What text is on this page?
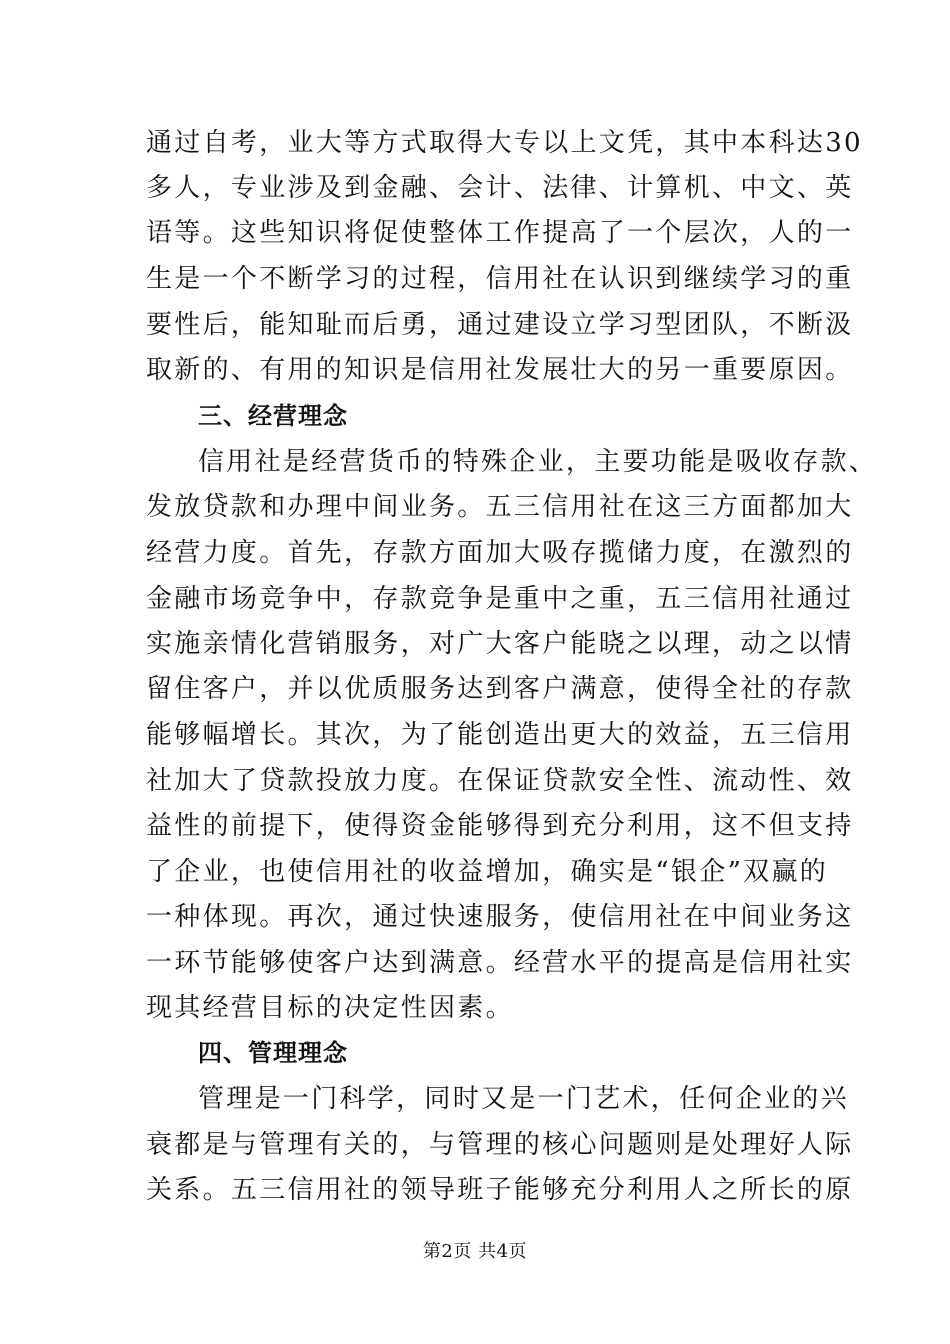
通过自考，业大等方式取得大专以上文凭，其中本科达30
多人，专业涉及到金融、会计、法律、计算机、中文、英
语等。这些知识将促使整体工作提高了一个层次，人的一
生是一个不断学习的过程，信用社在认识到继续学习的重
要性后，能知耻而后勇，通过建设立学习型团队，不断汲
取新的、有用的知识是信用社发展壮大的另一重要原因。
三、经营理念
信用社是经营货币的特殊企业，主要功能是吸收存款、
发放贷款和办理中间业务。五三信用社在这三方面都加大
经营力度。首先，存款方面加大吸存揽储力度，在激烈的
金融市场竞争中，存款竞争是重中之重，五三信用社通过
实施亲情化营销服务，对广大客户能晓之以理，动之以情
留住客户，并以优质服务达到客户满意，使得全社的存款
能够幅增长。其次，为了能创造出更大的效益，五三信用
社加大了贷款投放力度。在保证贷款安全性、流动性、效
益性的前提下，使得资金能够得到充分利用，这不但支持
了企业，也使信用社的收益增加，确实是“银企”双赢的
一种体现。再次，通过快速服务，使信用社在中间业务这
一环节能够使客户达到满意。经营水平的提高是信用社实
现其经营目标的决定性因素。
四、管理理念
管理是一门科学，同时又是一门艺术，任何企业的兴
衰都是与管理有关的，与管理的核心问题则是处理好人际
关系。五三信用社的领导班子能够充分利用人之所长的原
第2页 共4页
